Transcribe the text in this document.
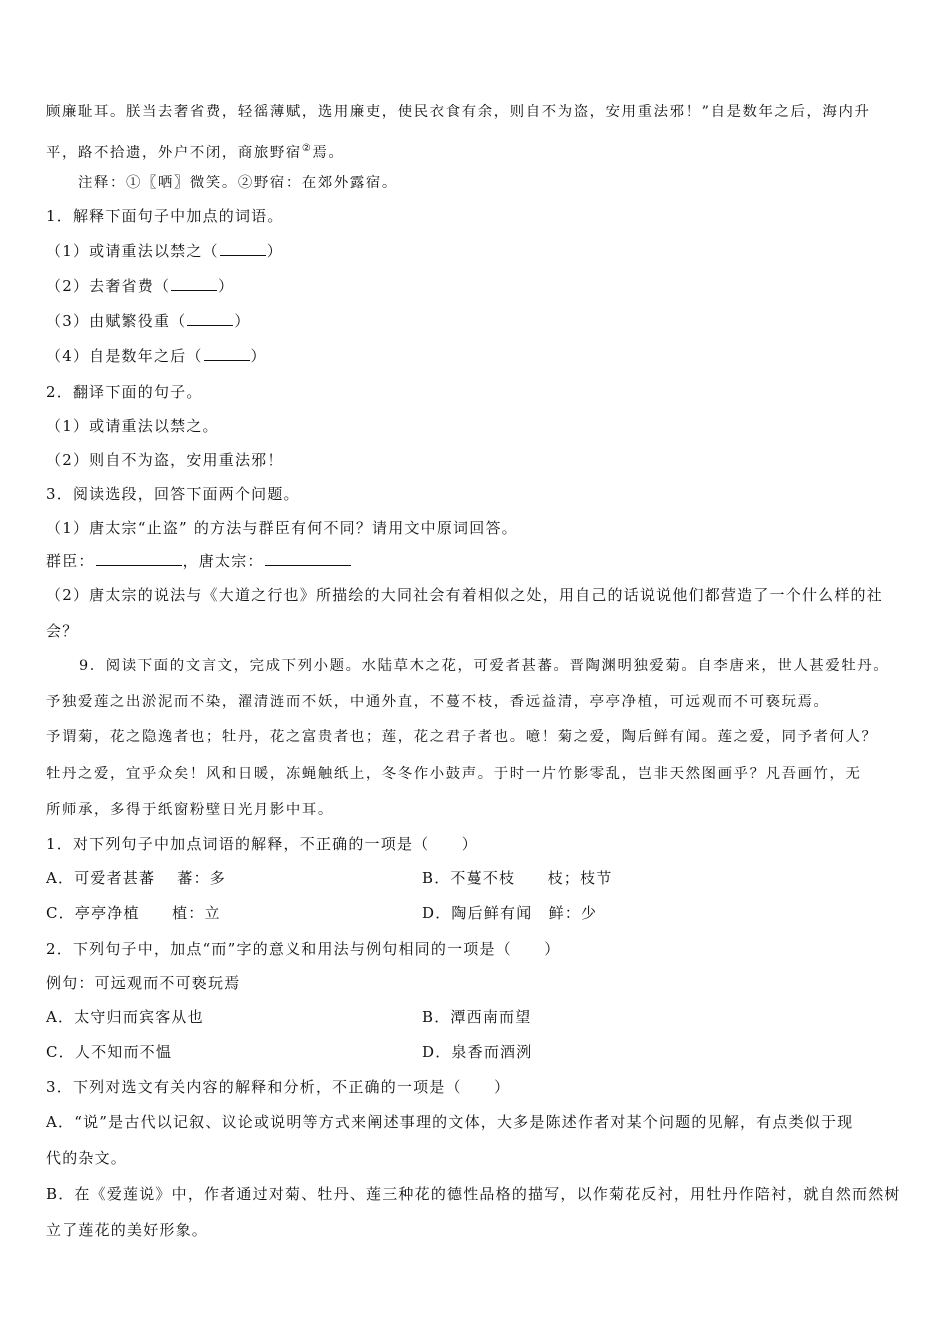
顾廉耻耳。朕当去奢省费，轻徭薄赋，选用廉吏，使民衣食有余，则自不为盗，安用重法邪！”自是数年之后，海内升
平，路不拾遗，外户不闭，商旅野宿②焉。
注释：①〖哂〗微笑。②野宿：在郊外露宿。
1．解释下面句子中加点的词语。
（1）或请重法以禁之（	）
（2）去奢省费（	）
（3）由赋繁役重（	）
（4）自是数年之后（	）
2．翻译下面的句子。
（1）或请重法以禁之。
（2）则自不为盗，安用重法邪！
3．阅读选段，回答下面两个问题。
（1）唐太宗“止盗” 的方法与群臣有何不同？请用文中原词回答。
群臣：	，唐太宗：
（2）唐太宗的说法与《大道之行也》所描绘的大同社会有着相似之处，用自己的话说说他们都营造了一个什么样的社
会？
9．阅读下面的文言文，完成下列小题。水陆草木之花，可爱者甚蕃。晋陶渊明独爱菊。自李唐来，世人甚爱牡丹。
予独爱莲之出淤泥而不染，濯清涟而不妖，中通外直，不蔓不枝，香远益清，亭亭净植，可远观而不可亵玩焉。
予谓菊，花之隐逸者也；牡丹，花之富贵者也；莲，花之君子者也。噫！菊之爱，陶后鲜有闻。莲之爱，同予者何人？
牡丹之爱，宜乎众矣！风和日暖，冻蝇触纸上，冬冬作小鼓声。于时一片竹影零乱，岂非天然图画乎？凡吾画竹，无
所师承，多得于纸窗粉壁日光月影中耳。
1．对下列句子中加点词语的解释，不正确的一项是（　　）
A．可爱者甚蕃　 蕃：多	B．不蔓不枝　　枝；枝节
C．亭亭净植　　植：立	D．陶后鲜有闻　鲜：少
2．下列句子中，加点“而”字的意义和用法与例句相同的一项是（　　）
例句：可远观而不可亵玩焉
A．太守归而宾客从也	B．潭西南而望
C．人不知而不愠	D．泉香而酒洌
3．下列对选文有关内容的解释和分析，不正确的一项是（　　）
A．“说”是古代以记叙、议论或说明等方式来阐述事理的文体，大多是陈述作者对某个问题的见解，有点类似于现
代的杂文。
B．在《爱莲说》中，作者通过对菊、牡丹、莲三种花的德性品格的描写，以作菊花反衬，用牡丹作陪衬，就自然而然树
立了莲花的美好形象。
